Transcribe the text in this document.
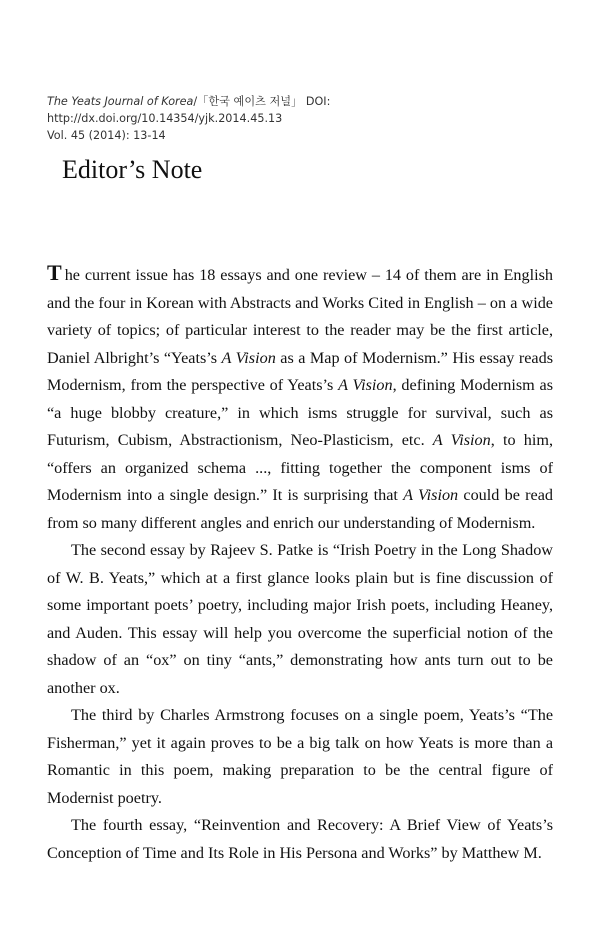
The Yeats Journal of Korea/「한국 예이츠 저널」 DOI: http://dx.doi.org/10.14354/yjk.2014.45.13
Vol. 45 (2014): 13-14
Editor’s Note

T he current issue has 18 essays and one review – 14 of them are in English and the four in Korean with Abstracts and Works Cited in English – on a wide variety of topics; of particular interest to the reader may be the first article, Daniel Albright’s “Yeats’s A Vision as a Map of Modernism.” His essay reads Modernism, from the perspective of Yeats’s A Vision, defining Modernism as “a huge blobby creature,” in which isms struggle for survival, such as Futurism, Cubism, Abstractionism, Neo-Plasticism, etc. A Vision, to him, “offers an organized schema ..., fitting together the component isms of Modernism into a single design.” It is surprising that A Vision could be read from so many different angles and enrich our understanding of Modernism.

The second essay by Rajeev S. Patke is “Irish Poetry in the Long Shadow of W. B. Yeats,” which at a first glance looks plain but is fine discussion of some important poets’ poetry, including major Irish poets, including Heaney, and Auden. This essay will help you overcome the superficial notion of the shadow of an “ox” on tiny “ants,” demonstrating how ants turn out to be another ox.

The third by Charles Armstrong focuses on a single poem, Yeats’s “The Fisherman,” yet it again proves to be a big talk on how Yeats is more than a Romantic in this poem, making preparation to be the central figure of Modernist poetry.

The fourth essay, “Reinvention and Recovery: A Brief View of Yeats’s Conception of Time and Its Role in His Persona and Works” by Matthew M.
